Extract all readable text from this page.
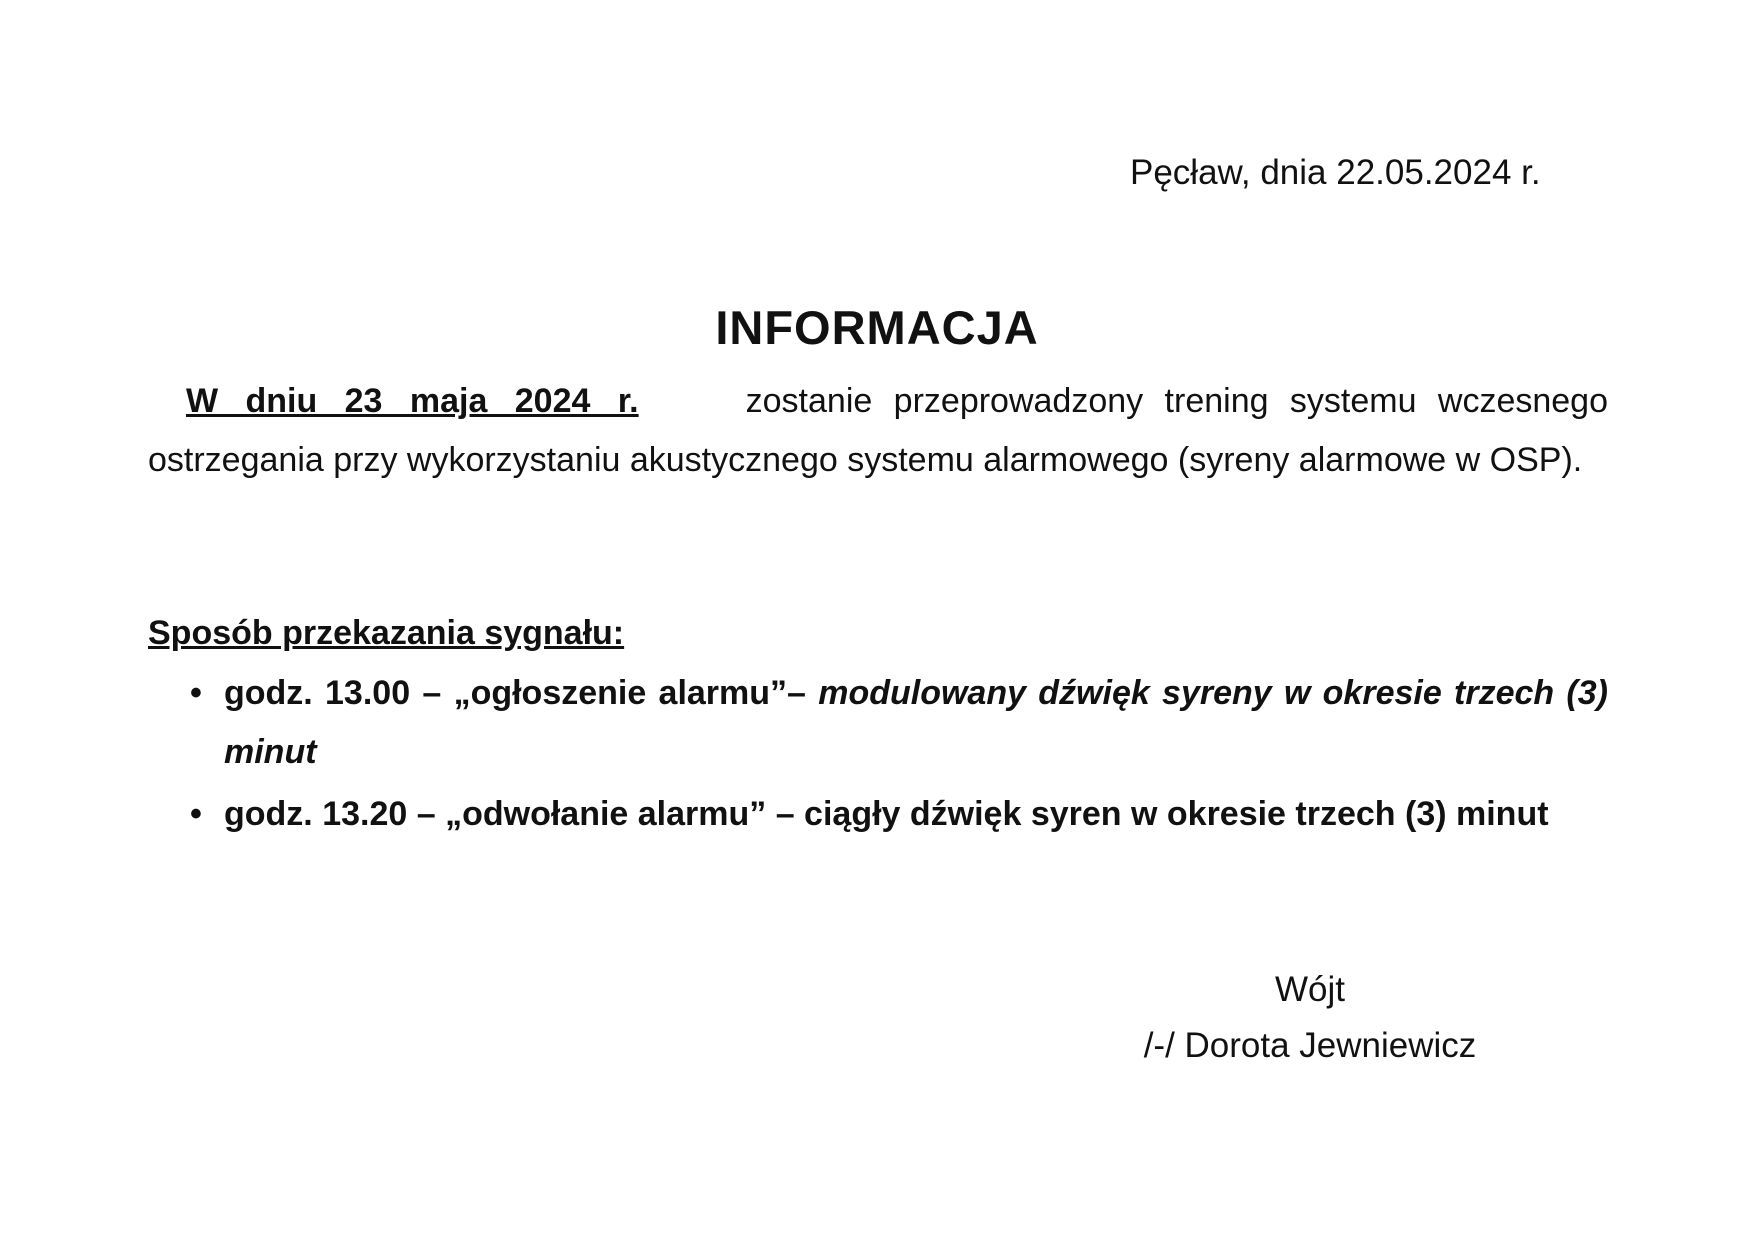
Pęcław, dnia 22.05.2024 r.
INFORMACJA

W dniu 23 maja 2024 r.	zostanie przeprowadzony trening systemu wczesnego ostrzegania przy wykorzystaniu akustycznego systemu alarmowego (syreny alarmowe w OSP).

Sposób przekazania sygnału:
• godz. 13.00 – „ogłoszenie alarmu”– modulowany dźwięk syreny w okresie trzech (3) minut
• godz. 13.20 – „odwołanie alarmu” – ciągły dźwięk syren w okresie trzech (3) minut
Wójt
/-/ Dorota Jewniewicz
